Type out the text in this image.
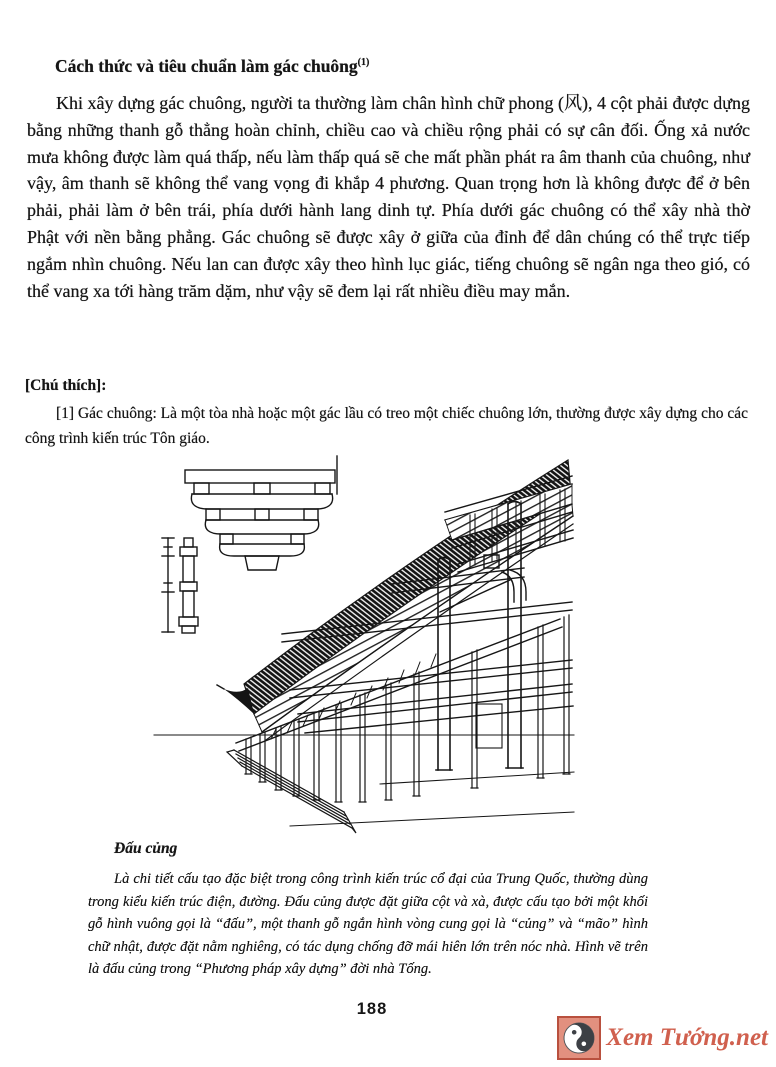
Cách thức và tiêu chuẩn làm gác chuông$^{(1)}$

Khi xây dựng gác chuông, người ta thường làm chân hình chữ phong (风), 4 cột phải được dựng bằng những thanh gỗ thẳng hoàn chỉnh, chiều cao và chiều rộng phải có sự cân đối. Ống xả nước mưa không được làm quá thấp, nếu làm thấp quá sẽ che mất phần phát ra âm thanh của chuông, như vậy, âm thanh sẽ không thể vang vọng đi khắp 4 phương. Quan trọng hơn là không được để ở bên phải, phải làm ở bên trái, phía dưới hành lang dinh tự. Phía dưới gác chuông có thể xây nhà thờ Phật với nền bằng phẳng. Gác chuông sẽ được xây ở giữa của đỉnh để dân chúng có thể trực tiếp ngắm nhìn chuông. Nếu lan can được xây theo hình lục giác, tiếng chuông sẽ ngân nga theo gió, có thể vang xa tới hàng trăm dặm, như vậy sẽ đem lại rất nhiều điều may mắn.

[Chú thích]:

[1] Gác chuông: Là một tòa nhà hoặc một gác lầu có treo một chiếc chuông lớn, thường được xây dựng cho các công trình kiến trúc Tôn giáo.

Đấu củng

Là chi tiết cấu tạo đặc biệt trong công trình kiến trúc cổ đại của Trung Quốc, thường dùng trong kiểu kiến trúc điện, đường. Đấu củng được đặt giữa cột và xà, được cấu tạo bởi một khối gỗ hình vuông gọi là “đấu”, một thanh gỗ ngắn hình vòng cung gọi là “củng” và “mão” hình chữ nhật, được đặt nằm nghiêng, có tác dụng chống đỡ mái hiên lớn trên nóc nhà. Hình vẽ trên là đấu củng trong “Phương pháp xây dựng” đời nhà Tống.

188
Xem Tướng.net
